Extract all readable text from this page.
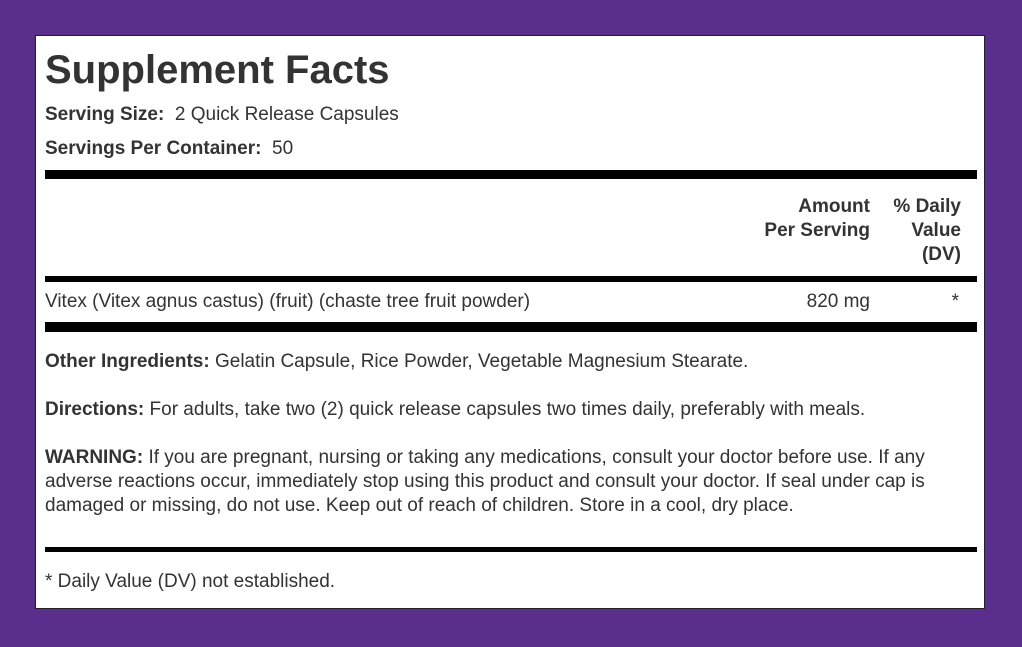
Supplement Facts
Serving Size: 2 Quick Release Capsules
Servings Per Container: 50
Amount
Per Serving
% Daily
Value
(DV)
Vitex (Vitex agnus castus) (fruit) (chaste tree fruit powder)	820 mg	*
Other Ingredients: Gelatin Capsule, Rice Powder, Vegetable Magnesium Stearate.
Directions: For adults, take two (2) quick release capsules two times daily, preferably with meals.
WARNING: If you are pregnant, nursing or taking any medications, consult your doctor before use. If any adverse reactions occur, immediately stop using this product and consult your doctor. If seal under cap is damaged or missing, do not use. Keep out of reach of children. Store in a cool, dry place.
* Daily Value (DV) not established.
